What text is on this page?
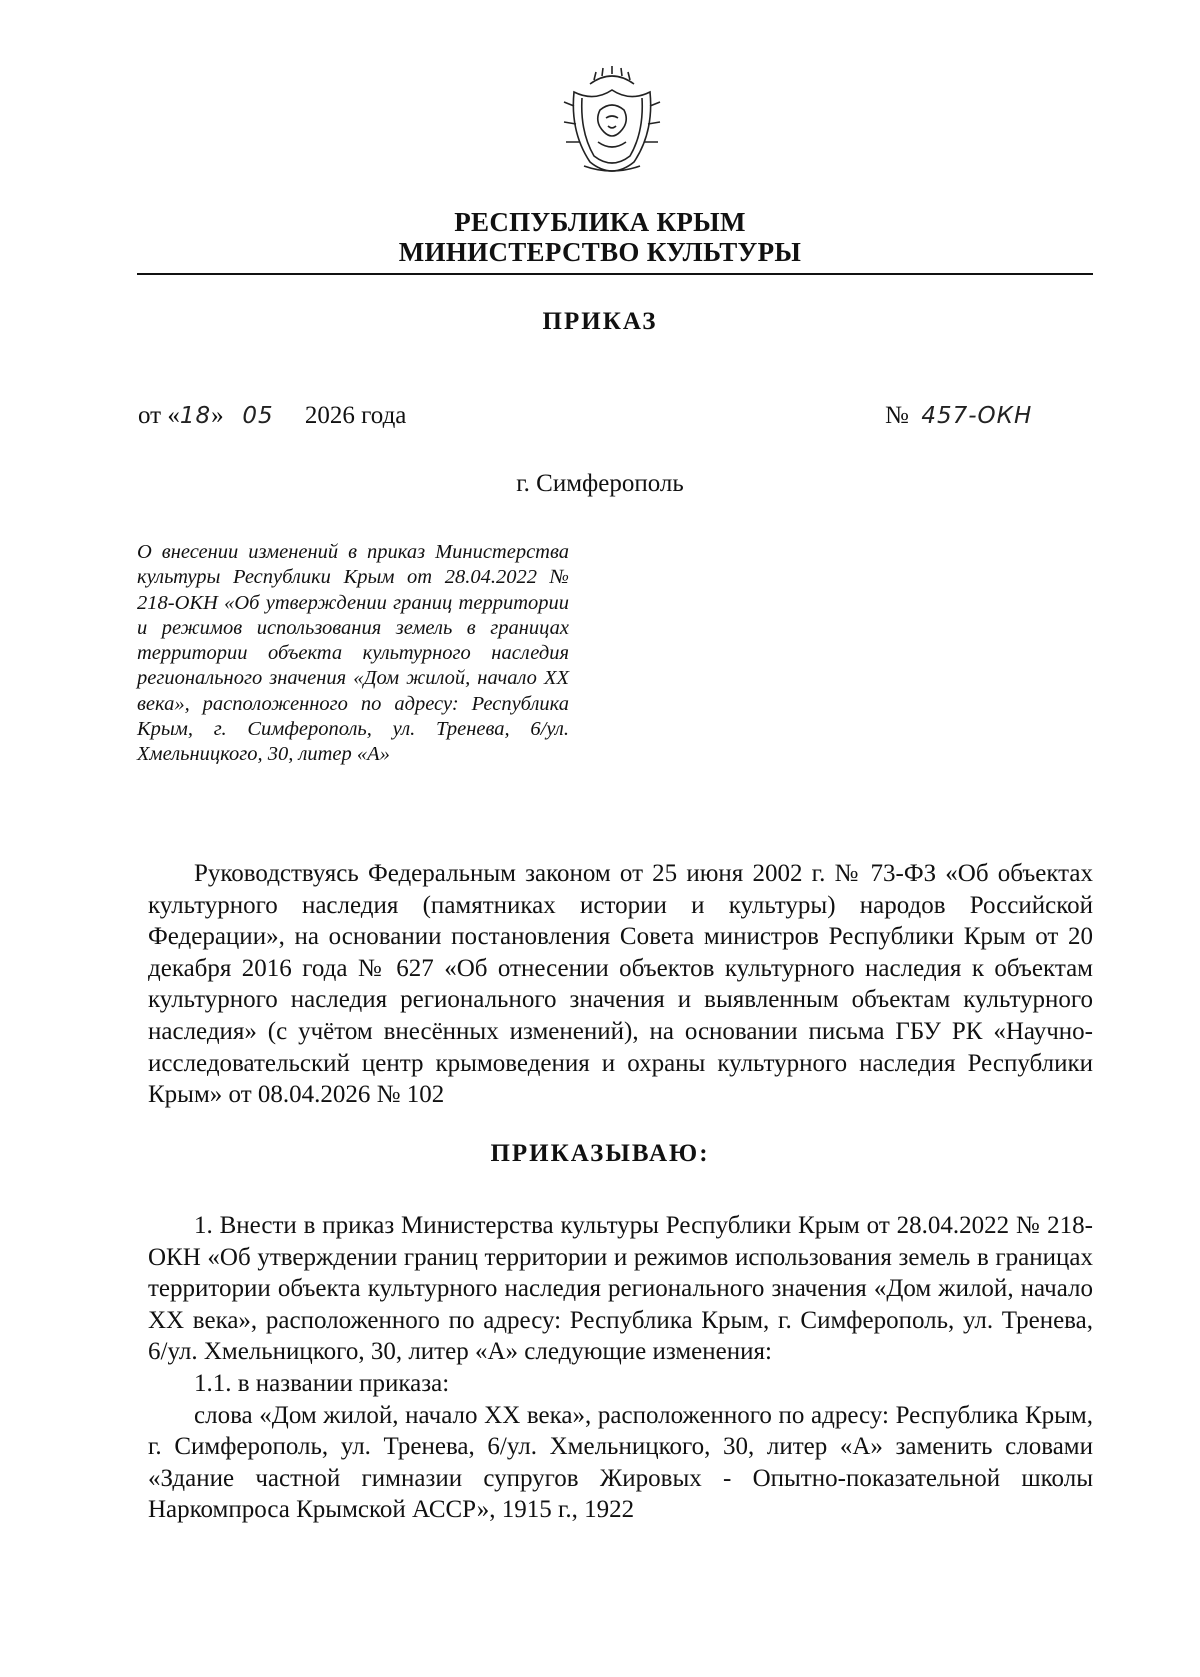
РЕСПУБЛИКА КРЫМ
МИНИСТЕРСТВО КУЛЬТУРЫ
ПРИКАЗ
от «18» 05 2026 года	№ 457-ОКН
г. Симферополь

О внесении изменений в приказ Министерства культуры Республики Крым от 28.04.2022 № 218-ОКН «Об утверждении границ территории и режимов использования земель в границах территории объекта культурного наследия регионального значения «Дом жилой, начало XX века», расположенного по адресу: Республика Крым, г. Симферополь, ул. Тренева, 6/ул. Хмельницкого, 30, литер «А»

Руководствуясь Федеральным законом от 25 июня 2002 г. № 73-ФЗ «Об объектах культурного наследия (памятниках истории и культуры) народов Российской Федерации», на основании постановления Совета министров Республики Крым от 20 декабря 2016 года № 627 «Об отнесении объектов культурного наследия к объектам культурного наследия регионального значения и выявленным объектам культурного наследия» (с учётом внесённых изменений), на основании письма ГБУ РК «Научно-исследовательский центр крымоведения и охраны культурного наследия Республики Крым» от 08.04.2026 № 102

ПРИКАЗЫВАЮ:

1. Внести в приказ Министерства культуры Республики Крым от 28.04.2022 № 218-ОКН «Об утверждении границ территории и режимов использования земель в границах территории объекта культурного наследия регионального значения «Дом жилой, начало XX века», расположенного по адресу: Республика Крым, г. Симферополь, ул. Тренева, 6/ул. Хмельницкого, 30, литер «А» следующие изменения:

1.1. в названии приказа:

слова «Дом жилой, начало XX века», расположенного по адресу: Республика Крым, г. Симферополь, ул. Тренева, 6/ул. Хмельницкого, 30, литер «А» заменить словами «Здание частной гимназии супругов Жировых - Опытно-показательной школы Наркомпроса Крымской АССР», 1915 г., 1922
